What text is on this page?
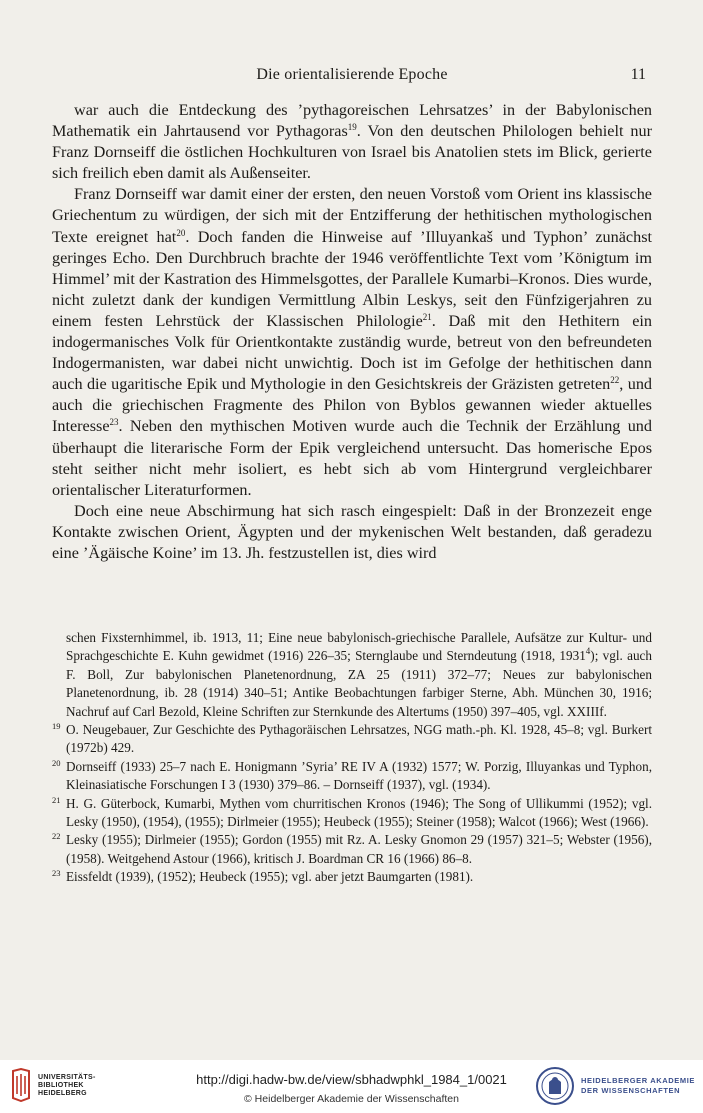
Die orientalisierende Epoche	11

war auch die Entdeckung des ’pythagoreischen Lehrsatzes’ in der Babylonischen Mathematik ein Jahrtausend vor Pythagoras$^{19}$. Von den deutschen Philologen behielt nur Franz Dornseiff die östlichen Hochkulturen von Israel bis Anatolien stets im Blick, gerierte sich freilich eben damit als Außenseiter.

Franz Dornseiff war damit einer der ersten, den neuen Vorstoß vom Orient ins klassische Griechentum zu würdigen, der sich mit der Entzifferung der hethitischen mythologischen Texte ereignet hat$^{20}$. Doch fanden die Hinweise auf ’Illuyankaš und Typhon’ zunächst geringes Echo. Den Durchbruch brachte der 1946 veröffentlichte Text vom ’Königtum im Himmel’ mit der Kastration des Himmelsgottes, der Parallele Kumarbi–Kronos. Dies wurde, nicht zuletzt dank der kundigen Vermittlung Albin Leskys, seit den Fünfzigerjahren zu einem festen Lehrstück der Klassischen Philologie$^{21}$. Daß mit den Hethitern ein indogermanisches Volk für Orientkontakte zuständig wurde, betreut von den befreundeten Indogermanisten, war dabei nicht unwichtig. Doch ist im Gefolge der hethitischen dann auch die ugaritische Epik und Mythologie in den Gesichtskreis der Gräzisten getreten$^{22}$, und auch die griechischen Fragmente des Philon von Byblos gewannen wieder aktuelles Interesse$^{23}$. Neben den mythischen Motiven wurde auch die Technik der Erzählung und überhaupt die literarische Form der Epik vergleichend untersucht. Das homerische Epos steht seither nicht mehr isoliert, es hebt sich ab vom Hintergrund vergleichbarer orientalischer Literaturformen.

Doch eine neue Abschirmung hat sich rasch eingespielt: Daß in der Bronzezeit enge Kontakte zwischen Orient, Ägypten und der mykenischen Welt bestanden, daß geradezu eine ’Ägäische Koine’ im 13. Jh. festzustellen ist, dies wird

schen Fixsternhimmel, ib. 1913, 11; Eine neue babylonisch-griechische Parallele, Aufsätze zur Kultur- und Sprachgeschichte E. Kuhn gewidmet (1916) 226–35; Sternglaube und Sterndeutung (1918, 1931$^4$); vgl. auch F. Boll, Zur babylonischen Planetenordnung, ZA 25 (1911) 372–77; Neues zur babylonischen Planetenordnung, ib. 28 (1914) 340–51; Antike Beobachtungen farbiger Sterne, Abh. München 30, 1916; Nachruf auf Carl Bezold, Kleine Schriften zur Sternkunde des Altertums (1950) 397–405, vgl. XXIIIf.
19 O. Neugebauer, Zur Geschichte des Pythagoräischen Lehrsatzes, NGG math.-ph. Kl. 1928, 45–8; vgl. Burkert (1972b) 429.
20 Dornseiff (1933) 25–7 nach E. Honigmann ’Syria’ RE IV A (1932) 1577; W. Porzig, Illuyankas und Typhon, Kleinasiatische Forschungen I 3 (1930) 379–86. – Dornseiff (1937), vgl. (1934).
21 H. G. Güterbock, Kumarbi, Mythen vom churritischen Kronos (1946); The Song of Ullikummi (1952); vgl. Lesky (1950), (1954), (1955); Dirlmeier (1955); Heubeck (1955); Steiner (1958); Walcot (1966); West (1966).
22 Lesky (1955); Dirlmeier (1955); Gordon (1955) mit Rz. A. Lesky Gnomon 29 (1957) 321–5; Webster (1956), (1958). Weitgehend Astour (1966), kritisch J. Boardman CR 16 (1966) 86–8.
23 Eissfeldt (1939), (1952); Heubeck (1955); vgl. aber jetzt Baumgarten (1981).
UNIVERSITÄTS-
BIBLIOTHEK
HEIDELBERG
http://digi.hadw-bw.de/view/sbhadwphkl_1984_1/0021
© Heidelberger Akademie der Wissenschaften
HEIDELBERGER AKADEMIE
DER WISSENSCHAFTEN
